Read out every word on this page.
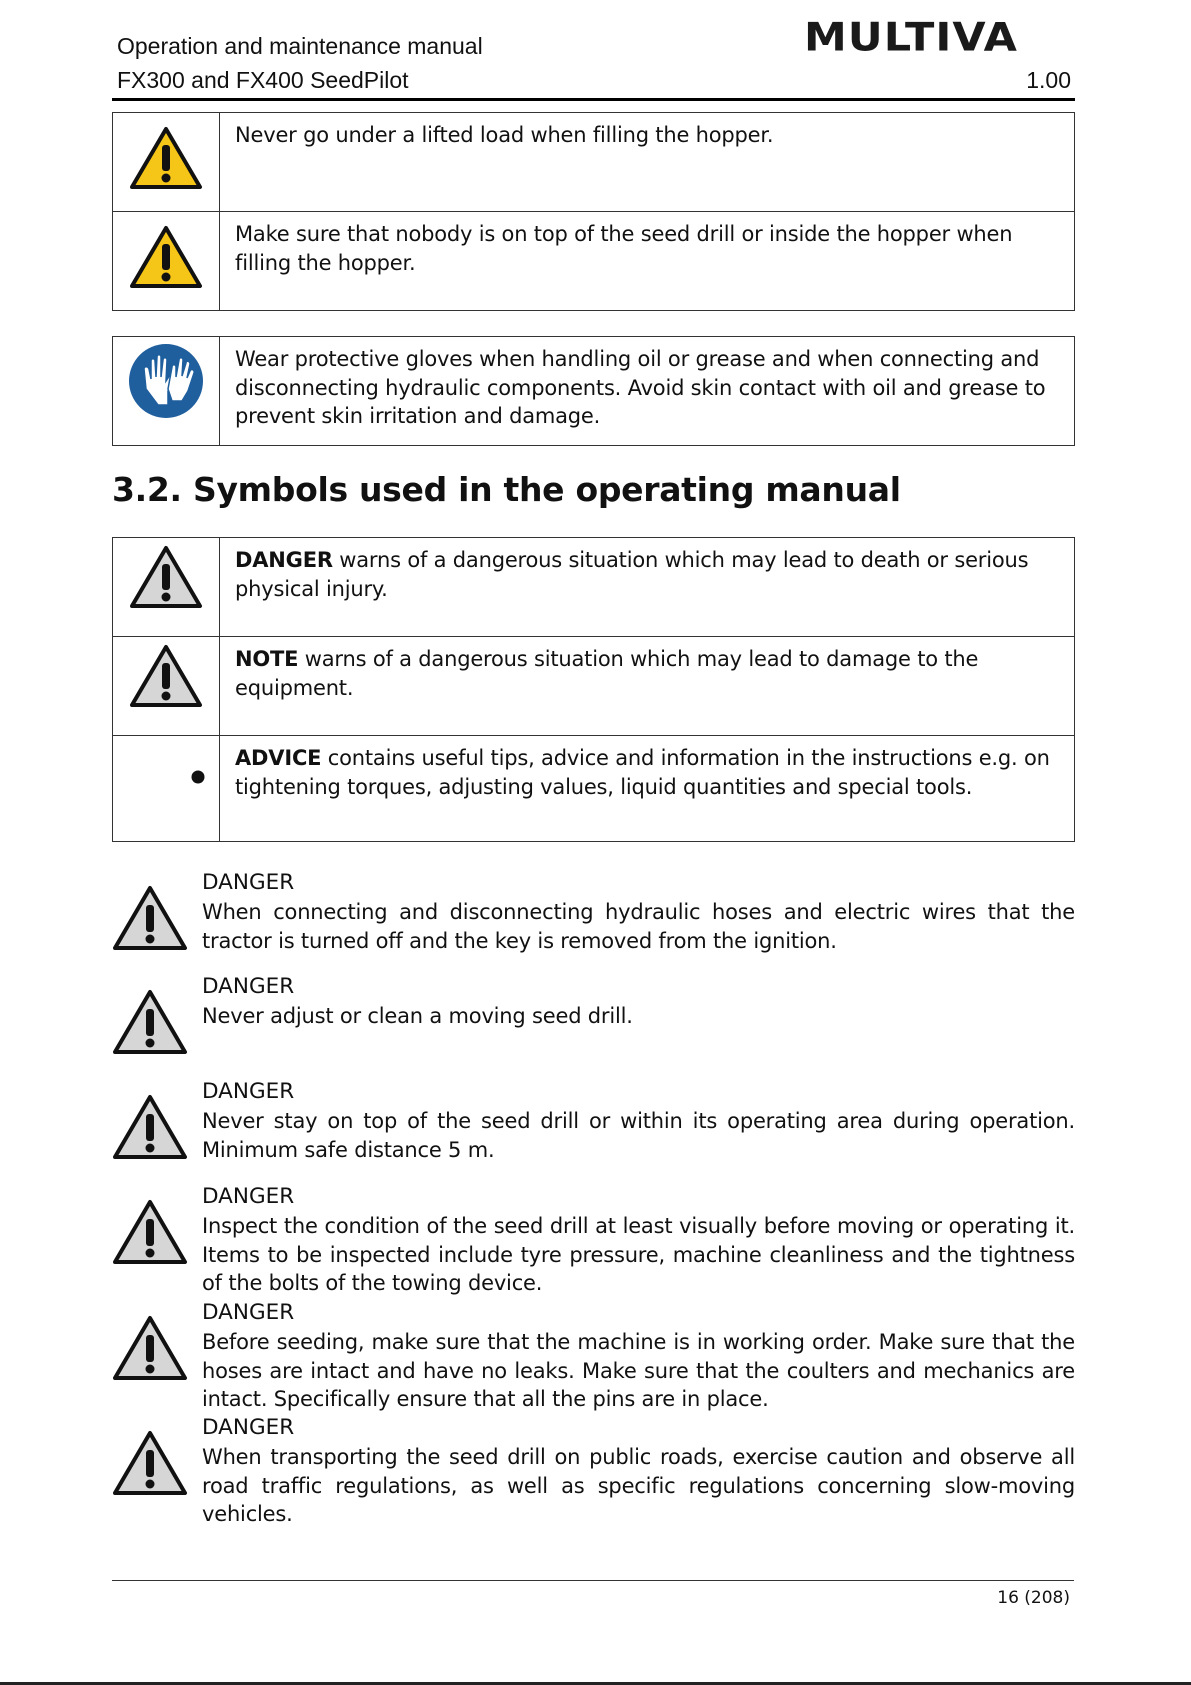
Operation and maintenance manual
FX300 and FX400 SeedPilot	1.00
MULTIVA
	Never go under a lifted load when filling the hopper.

	Make sure that nobody is on top of the seed drill or inside the hopper when filling the hopper.
	Wear protective gloves when handling oil or grease and when connecting and disconnecting hydraulic components. Avoid skin contact with oil and grease to prevent skin irritation and damage.
3.2. Symbols used in the operating manual
	DANGER warns of a dangerous situation which may lead to death or serious physical injury.

	NOTE warns of a dangerous situation which may lead to damage to the equipment.

	ADVICE contains useful tips, advice and information in the instructions e.g. on tightening torques, adjusting values, liquid quantities and special tools.
DANGER
When connecting and disconnecting hydraulic hoses and electric wires that the tractor is turned off and the key is removed from the ignition.
DANGER
Never adjust or clean a moving seed drill.
DANGER
Never stay on top of the seed drill or within its operating area during operation. Minimum safe distance 5 m.
DANGER
Inspect the condition of the seed drill at least visually before moving or operating it. Items to be inspected include tyre pressure, machine cleanliness and the tightness of the bolts of the towing device.
DANGER
Before seeding, make sure that the machine is in working order. Make sure that the hoses are intact and have no leaks. Make sure that the coulters and mechanics are intact. Specifically ensure that all the pins are in place.
DANGER
When transporting the seed drill on public roads, exercise caution and observe all road traffic regulations, as well as specific regulations concerning slow-moving vehicles.
16 (208)
